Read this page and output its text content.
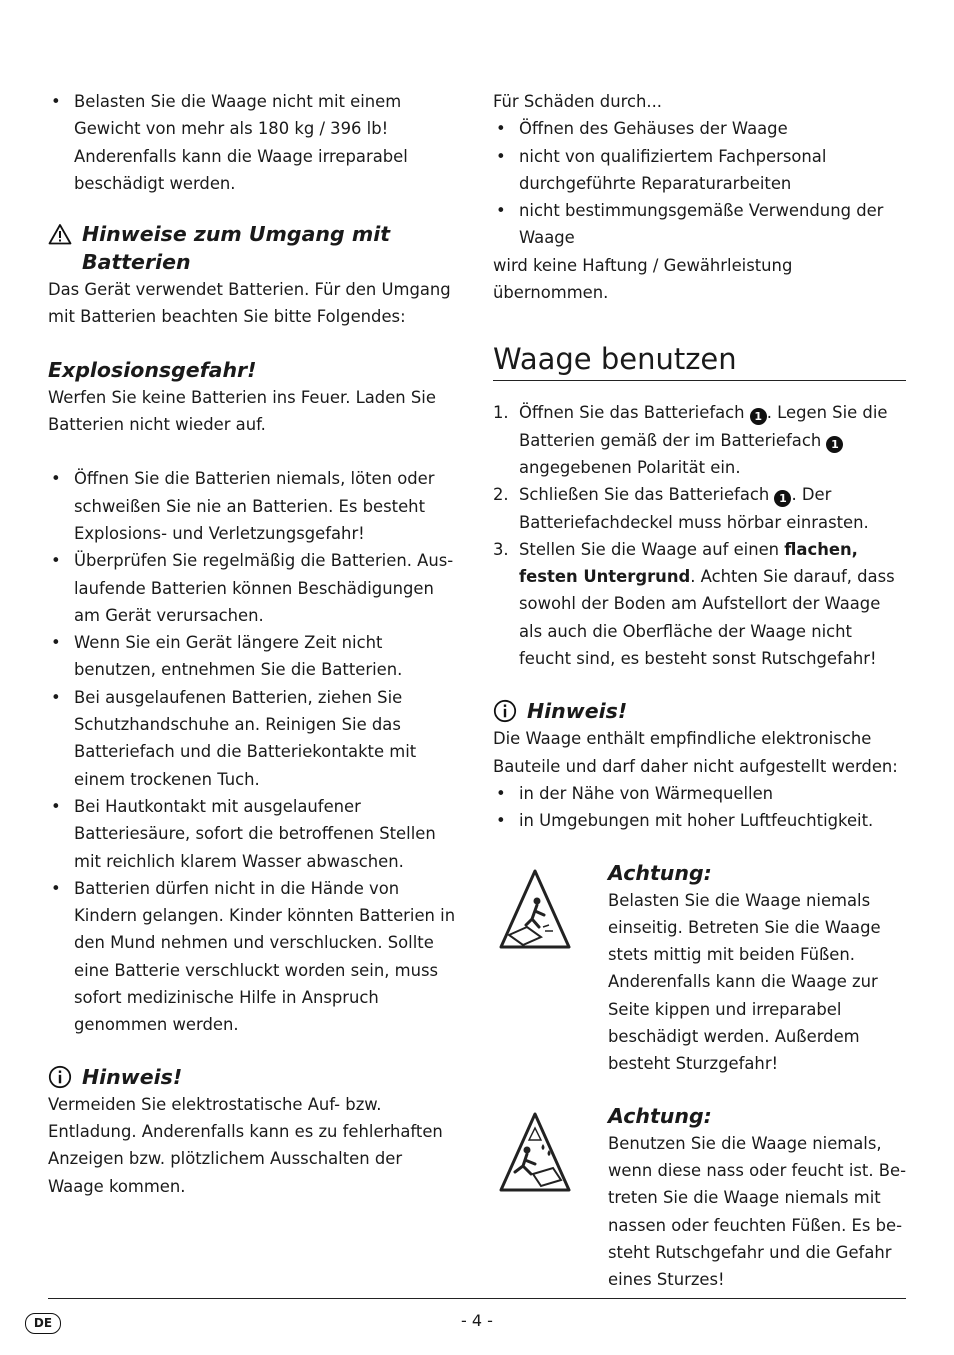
• Belasten Sie die Waage nicht mit einem Gewicht von mehr als 180 kg / 396 lb! Anderenfalls kann die Waage irreparabel beschädigt werden.
Hinweise zum Umgang mit Batterien

Das Gerät verwendet Batterien. Für den Umgang mit Batterien beachten Sie bitte Folgendes:

Explosionsgefahr!

Werfen Sie keine Batterien ins Feuer. Laden Sie Batterien nicht wieder auf.

• Öffnen Sie die Batterien niemals, löten oder schweißen Sie nie an Batterien. Es besteht Explosions- und Verletzungsgefahr!
• Überprüfen Sie regelmäßig die Batterien. Auslaufende Batterien können Beschädigungen am Gerät verursachen.
• Wenn Sie ein Gerät längere Zeit nicht benutzen, entnehmen Sie die Batterien.
• Bei ausgelaufenen Batterien, ziehen Sie Schutzhandschuhe an. Reinigen Sie das Batteriefach und die Batteriekontakte mit einem trockenen Tuch.
• Bei Hautkontakt mit ausgelaufener Batteriesäure, sofort die betroffenen Stellen mit reichlich klarem Wasser abwaschen.
• Batterien dürfen nicht in die Hände von Kindern gelangen. Kinder könnten Batterien in den Mund nehmen und verschlucken. Sollte eine Batterie verschluckt worden sein, muss sofort medizinische Hilfe in Anspruch genommen werden.
Hinweis!

Vermeiden Sie elektrostatische Auf- bzw. Entladung. Anderenfalls kann es zu fehlerhaften Anzeigen bzw. plötzlichem Ausschalten der Waage kommen.

Für Schäden durch...

• Öffnen des Gehäuses der Waage
• nicht von qualifiziertem Fachpersonal durchgeführte Reparaturarbeiten
• nicht bestimmungsgemäße Verwendung der Waage

wird keine Haftung / Gewährleistung übernommen.

Waage benutzen
1. Öffnen Sie das Batteriefach 1 . Legen Sie die Batterien gemäß der im Batteriefach 1 angegebenen Polarität ein.
2. Schließen Sie das Batteriefach 1 . Der Batteriefachdeckel muss hörbar einrasten.
3. Stellen Sie die Waage auf einen flachen, festen Untergrund. Achten Sie darauf, dass sowohl der Boden am Aufstellort der Waage als auch die Oberfläche der Waage nicht feucht sind, es besteht sonst Rutschgefahr!
Hinweis!

Die Waage enthält empfindliche elektronische Bauteile und darf daher nicht aufgestellt werden:

• in der Nähe von Wärmequellen
• in Umgebungen mit hoher Luftfeuchtigkeit.
Achtung:

Belasten Sie die Waage niemals einseitig. Betreten Sie die Waage stets mittig mit beiden Füßen. Anderenfalls kann die Waage zur Seite kippen und irreparabel beschädigt werden. Außerdem besteht Sturzgefahr!

Achtung:

Benutzen Sie die Waage niemals, wenn diese nass oder feucht ist. Betreten Sie die Waage niemals mit nassen oder feuchten Füßen. Es besteht Rutschgefahr und die Gefahr eines Sturzes!

DE	- 4 -
